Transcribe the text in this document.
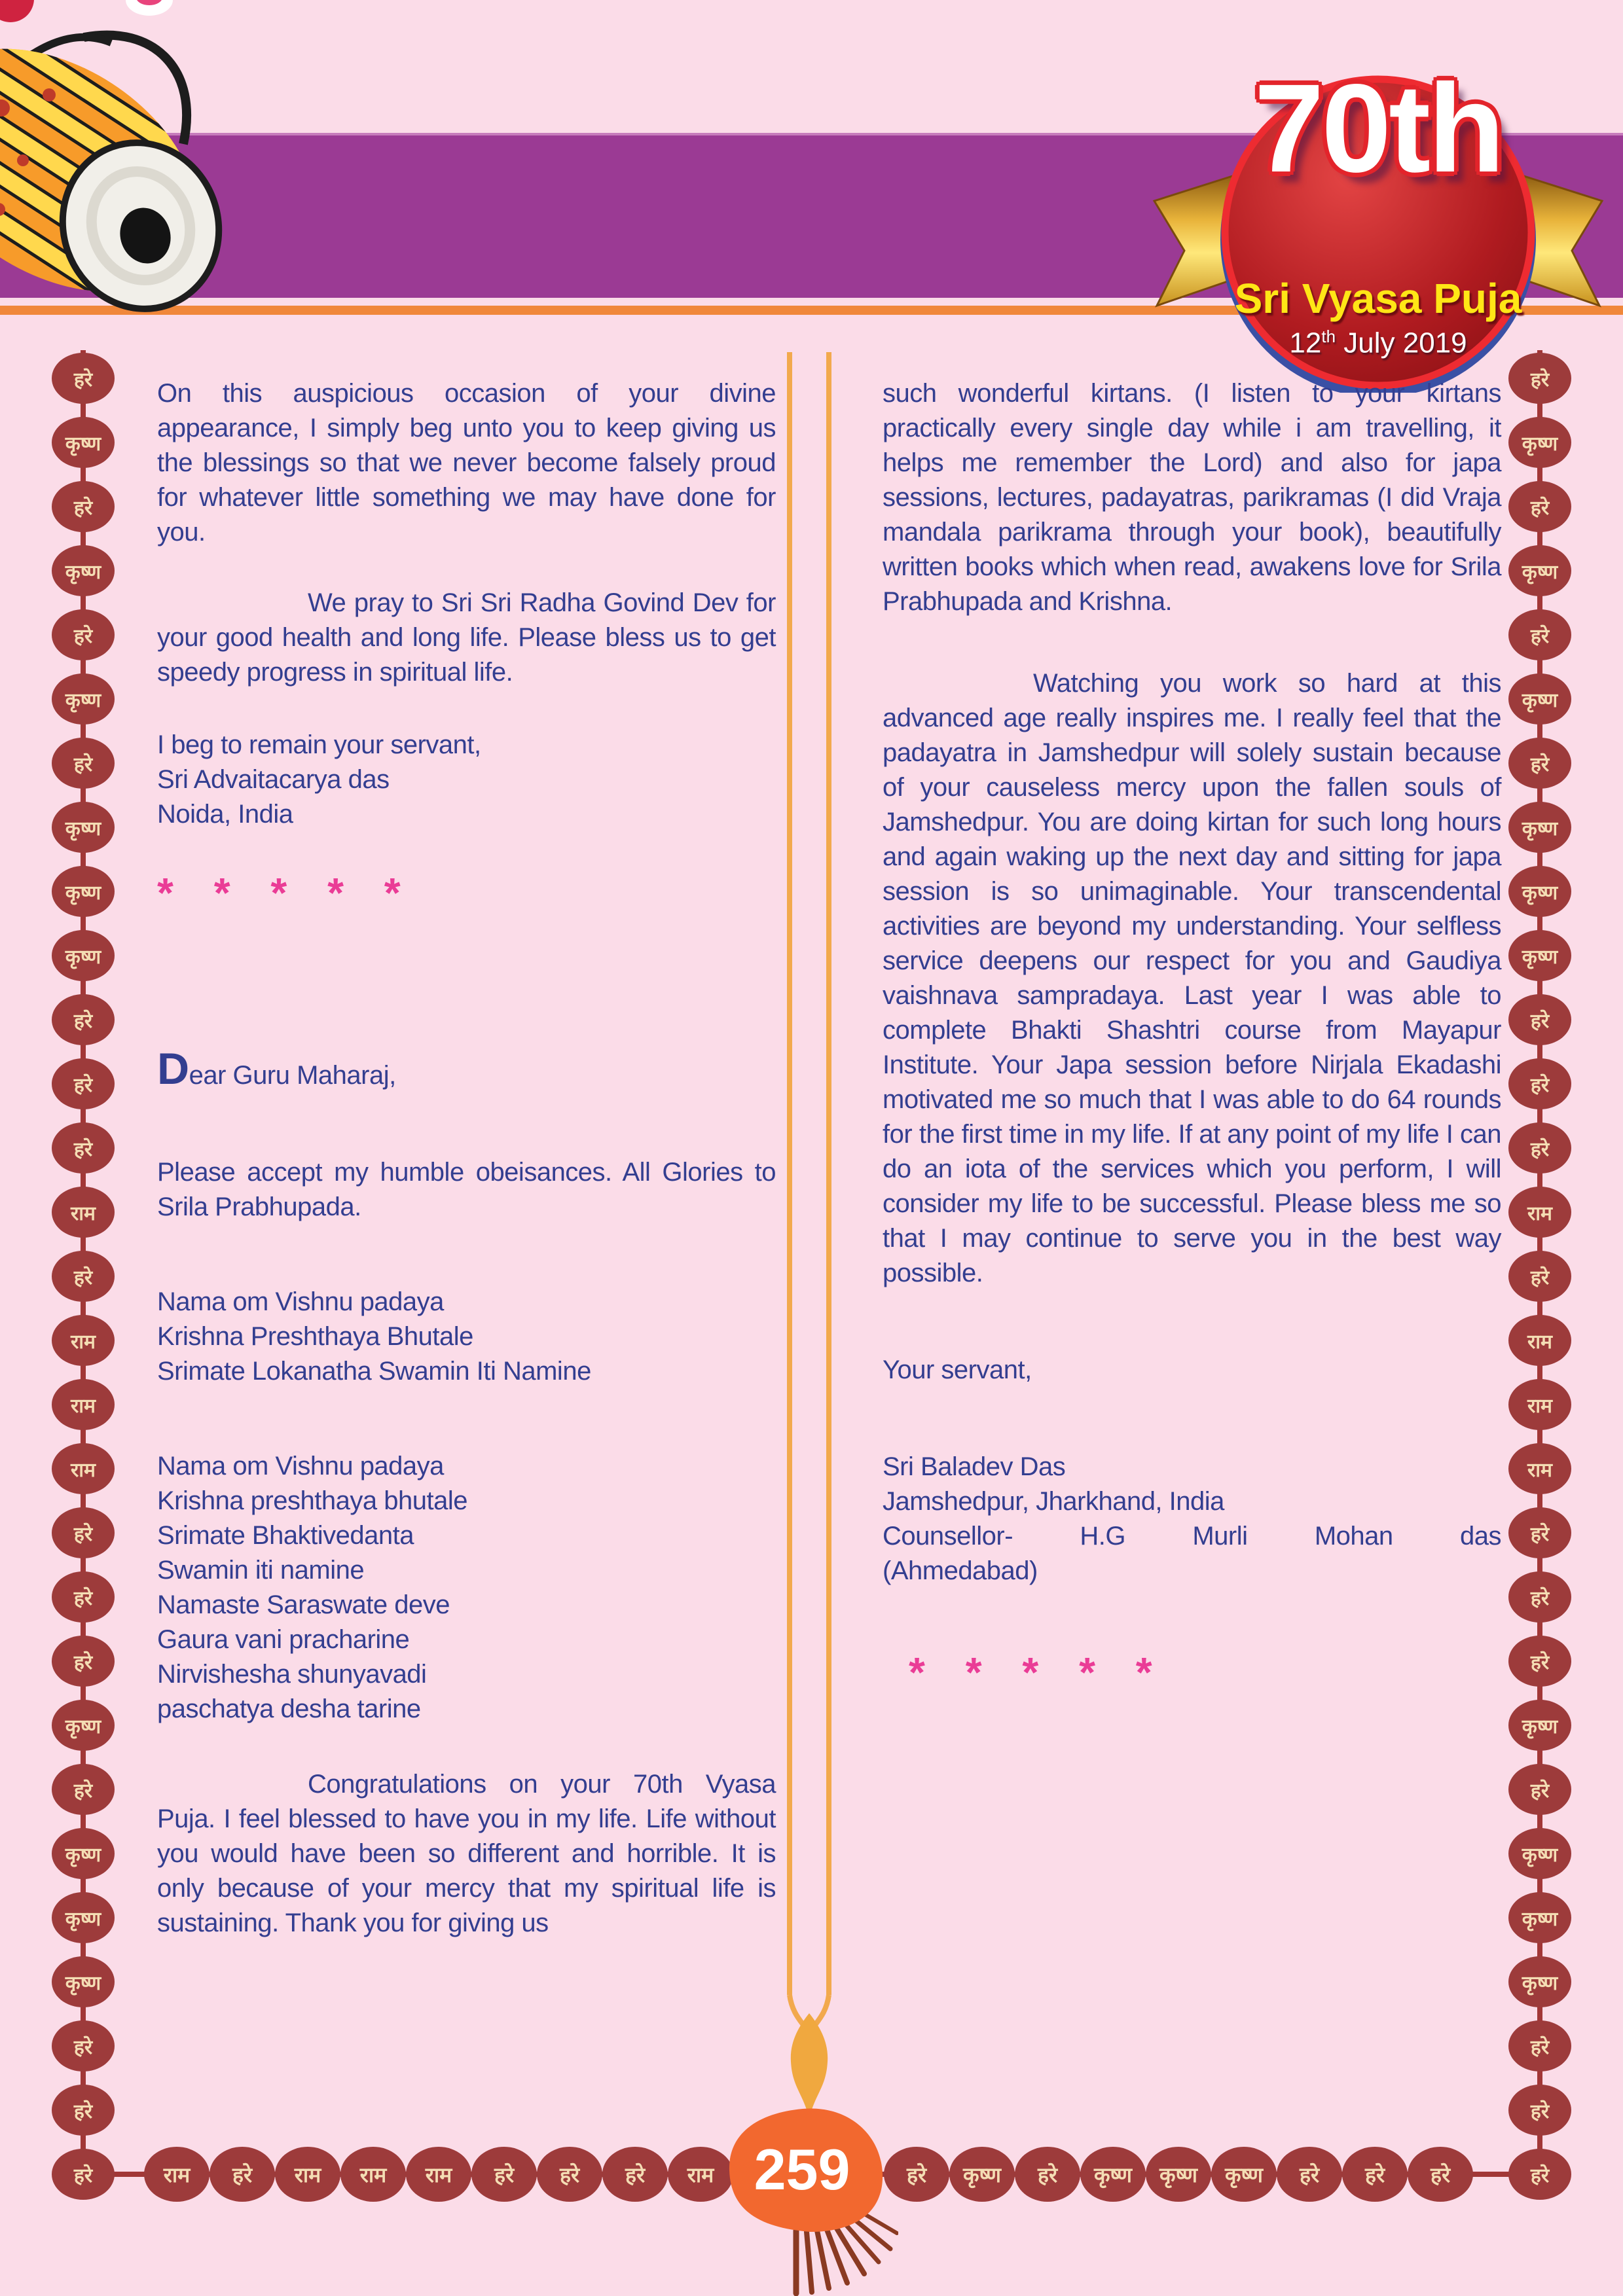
70th
Sri Vyasa Puja
12th July 2019
हरे
कृष्ण
हरे
कृष्ण
हरे
कृष्ण
हरे
कृष्ण
कृष्ण
कृष्ण
हरे
हरे
हरे
राम
हरे
राम
राम
राम
हरे
हरे
हरे
कृष्ण
हरे
कृष्ण
कृष्ण
कृष्ण
हरे
हरे
हरे
हरे
कृष्ण
हरे
कृष्ण
हरे
कृष्ण
हरे
कृष्ण
कृष्ण
कृष्ण
हरे
हरे
हरे
राम
हरे
राम
राम
राम
हरे
हरे
हरे
कृष्ण
हरे
कृष्ण
कृष्ण
कृष्ण
हरे
हरे
हरे
राम	हरे	राम	राम	राम	हरे	हरे	हरे	राम	हरे	कृष्ण	हरे	कृष्ण	कृष्ण	कृष्ण	हरे	हरे	हरे

On this auspicious occasion of your divine appearance, I simply beg unto you to keep giving us the blessings so that we never become falsely proud for whatever little something we may have done for you.

We pray to Sri Sri Radha Govind Dev for your good health and long life. Please bless us to get speedy progress in spiritual life.

I beg to remain your servant,
Sri Advaitacarya das
Noida, India
* * * * *

Dear Guru Maharaj,

Please accept my humble obeisances. All Glories to Srila Prabhupada.

Nama om Vishnu padaya
Krishna Preshthaya Bhutale
Srimate Lokanatha Swamin Iti Namine
Nama om Vishnu padaya
Krishna preshthaya bhutale
Srimate Bhaktivedanta
Swamin iti namine
Namaste Saraswate deve
Gaura vani pracharine
Nirvishesha shunyavadi
paschatya desha tarine

Congratulations on your 70th Vyasa Puja. I feel blessed to have you in my life. Life without you would have been so different and horrible. It is only because of your mercy that my spiritual life is sustaining. Thank you for giving us

such wonderful kirtans. (I listen to your kirtans practically every single day while i am travelling, it helps me remember the Lord) and also for japa sessions, lectures, padayatras, parikramas (I did Vraja mandala parikrama through your book), beautifully written books which when read, awakens love for Srila Prabhupada and Krishna.

Watching you work so hard at this advanced age really inspires me. I really feel that the padayatra in Jamshedpur will solely sustain because of your causeless mercy upon the fallen souls of Jamshedpur. You are doing kirtan for such long hours and again waking up the next day and sitting for japa session is so unimaginable. Your transcendental activities are beyond my understanding. Your selfless service deepens our respect for you and Gaudiya vaishnava sampradaya. Last year I was able to complete Bhakti Shashtri course from Mayapur Institute. Your Japa session before Nirjala Ekadashi motivated me so much that I was able to do 64 rounds for the first time in my life. If at any point of my life I can do an iota of the services which you perform, I will consider my life to be successful. Please bless me so that I may continue to serve you in the best way possible.

Your servant,
Sri Baladev Das
Jamshedpur, Jharkhand, India

Counsellor- H.G Murli Mohan das

(Ahmedabad)
* * * * *
259
